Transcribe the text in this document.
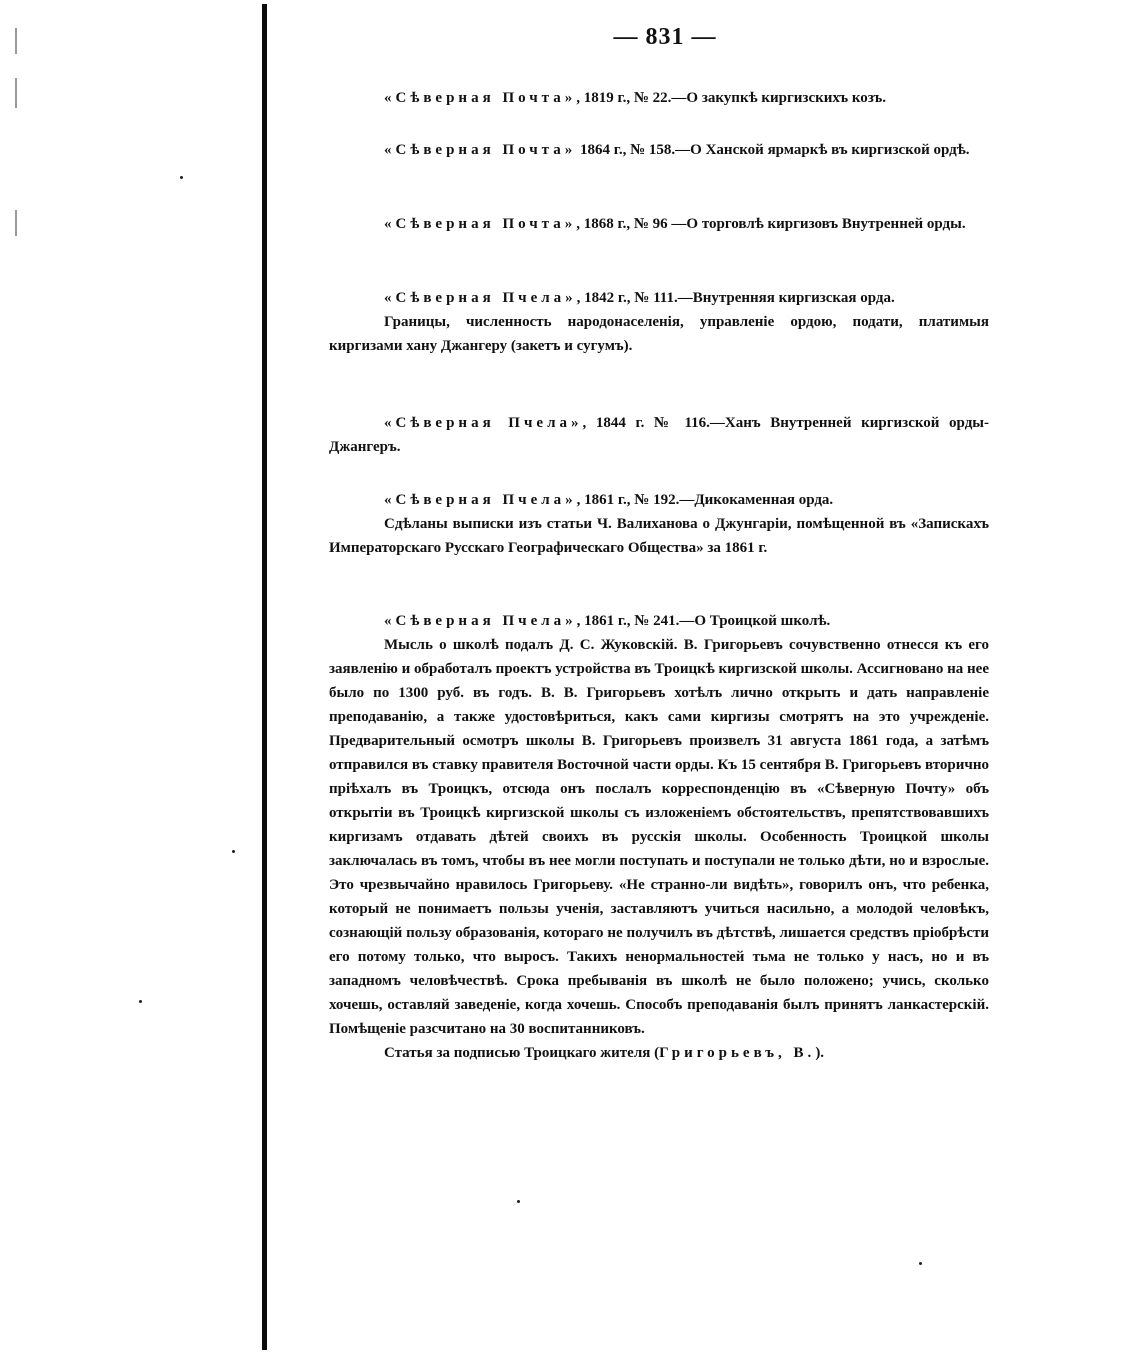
— 831 —

«Сѣверная Почта», 1819 г., № 22.—О закупкѣ киргизскихъ козъ.

«Сѣверная Почта» 1864 г., № 158.—О Ханской ярмаркѣ въ киргизской ордѣ.

«Сѣверная Почта», 1868 г., № 96 —О торговлѣ киргизовъ Внутренней орды.

«Сѣверная Пчела», 1842 г., № 111.—Внутренняя киргизская орда.

Границы, численность народонаселенія, управленіе ордою, подати, платимыя киргизами хану Джангеру (закетъ и сугумъ).

«Сѣверная Пчела», 1844 г. № 116.—Ханъ Внутренней киргизской орды-Джангеръ.

«Сѣверная Пчела», 1861 г., № 192.—Дикокаменная орда.

Сдѣланы выписки изъ статьи Ч. Валиханова о Джунгаріи, помѣщенной въ «Запискахъ Императорскаго Русскаго Географическаго Общества» за 1861 г.

«Сѣверная Пчела», 1861 г., № 241.—О Троицкой школѣ.

Мысль о школѣ подалъ Д. С. Жуковскій. В. Григорьевъ сочувственно отнесся къ его заявленію и обработалъ проектъ устройства въ Троицкѣ киргизской школы. Ассигновано на нее было по 1300 руб. въ годъ. В. В. Григорьевъ хотѣлъ лично открыть и дать направленіе преподаванію, а также удостовѣриться, какъ сами киргизы смотрятъ на это учрежденіе. Предварительный осмотръ школы В. Григорьевъ произвелъ 31 августа 1861 года, а затѣмъ отправился въ ставку правителя Восточной части орды. Къ 15 сентября В. Григорьевъ вторично пріѣхалъ въ Троицкъ, отсюда онъ послалъ корреспонденцію въ «Сѣверную Почту» объ открытіи въ Троицкѣ киргизской школы съ изложеніемъ обстоятельствъ, препятствовавшихъ киргизамъ отдавать дѣтей своихъ въ русскія школы. Особенность Троицкой школы заключалась въ томъ, чтобы въ нее могли поступать и поступали не только дѣти, но и взрослые. Это чрезвычайно нравилось Григорьеву. «Не странно-ли видѣть», говорилъ онъ, что ребенка, который не понимаетъ пользы ученія, заставляютъ учиться насильно, а молодой человѣкъ, сознающій пользу образованія, котораго не получилъ въ дѣтствѣ, лишается средствъ пріобрѣсти его потому только, что выросъ. Такихъ ненормальностей тьма не только у насъ, но и въ западномъ человѣчествѣ. Срока пребыванія въ школѣ не было положено; учись, сколько хочешь, оставляй заведеніе, когда хочешь. Способъ преподаванія былъ принятъ ланкастерскій. Помѣщеніе разсчитано на 30 воспитанниковъ.

Статья за подписью Троицкаго жителя (Григорьевъ, В.).
